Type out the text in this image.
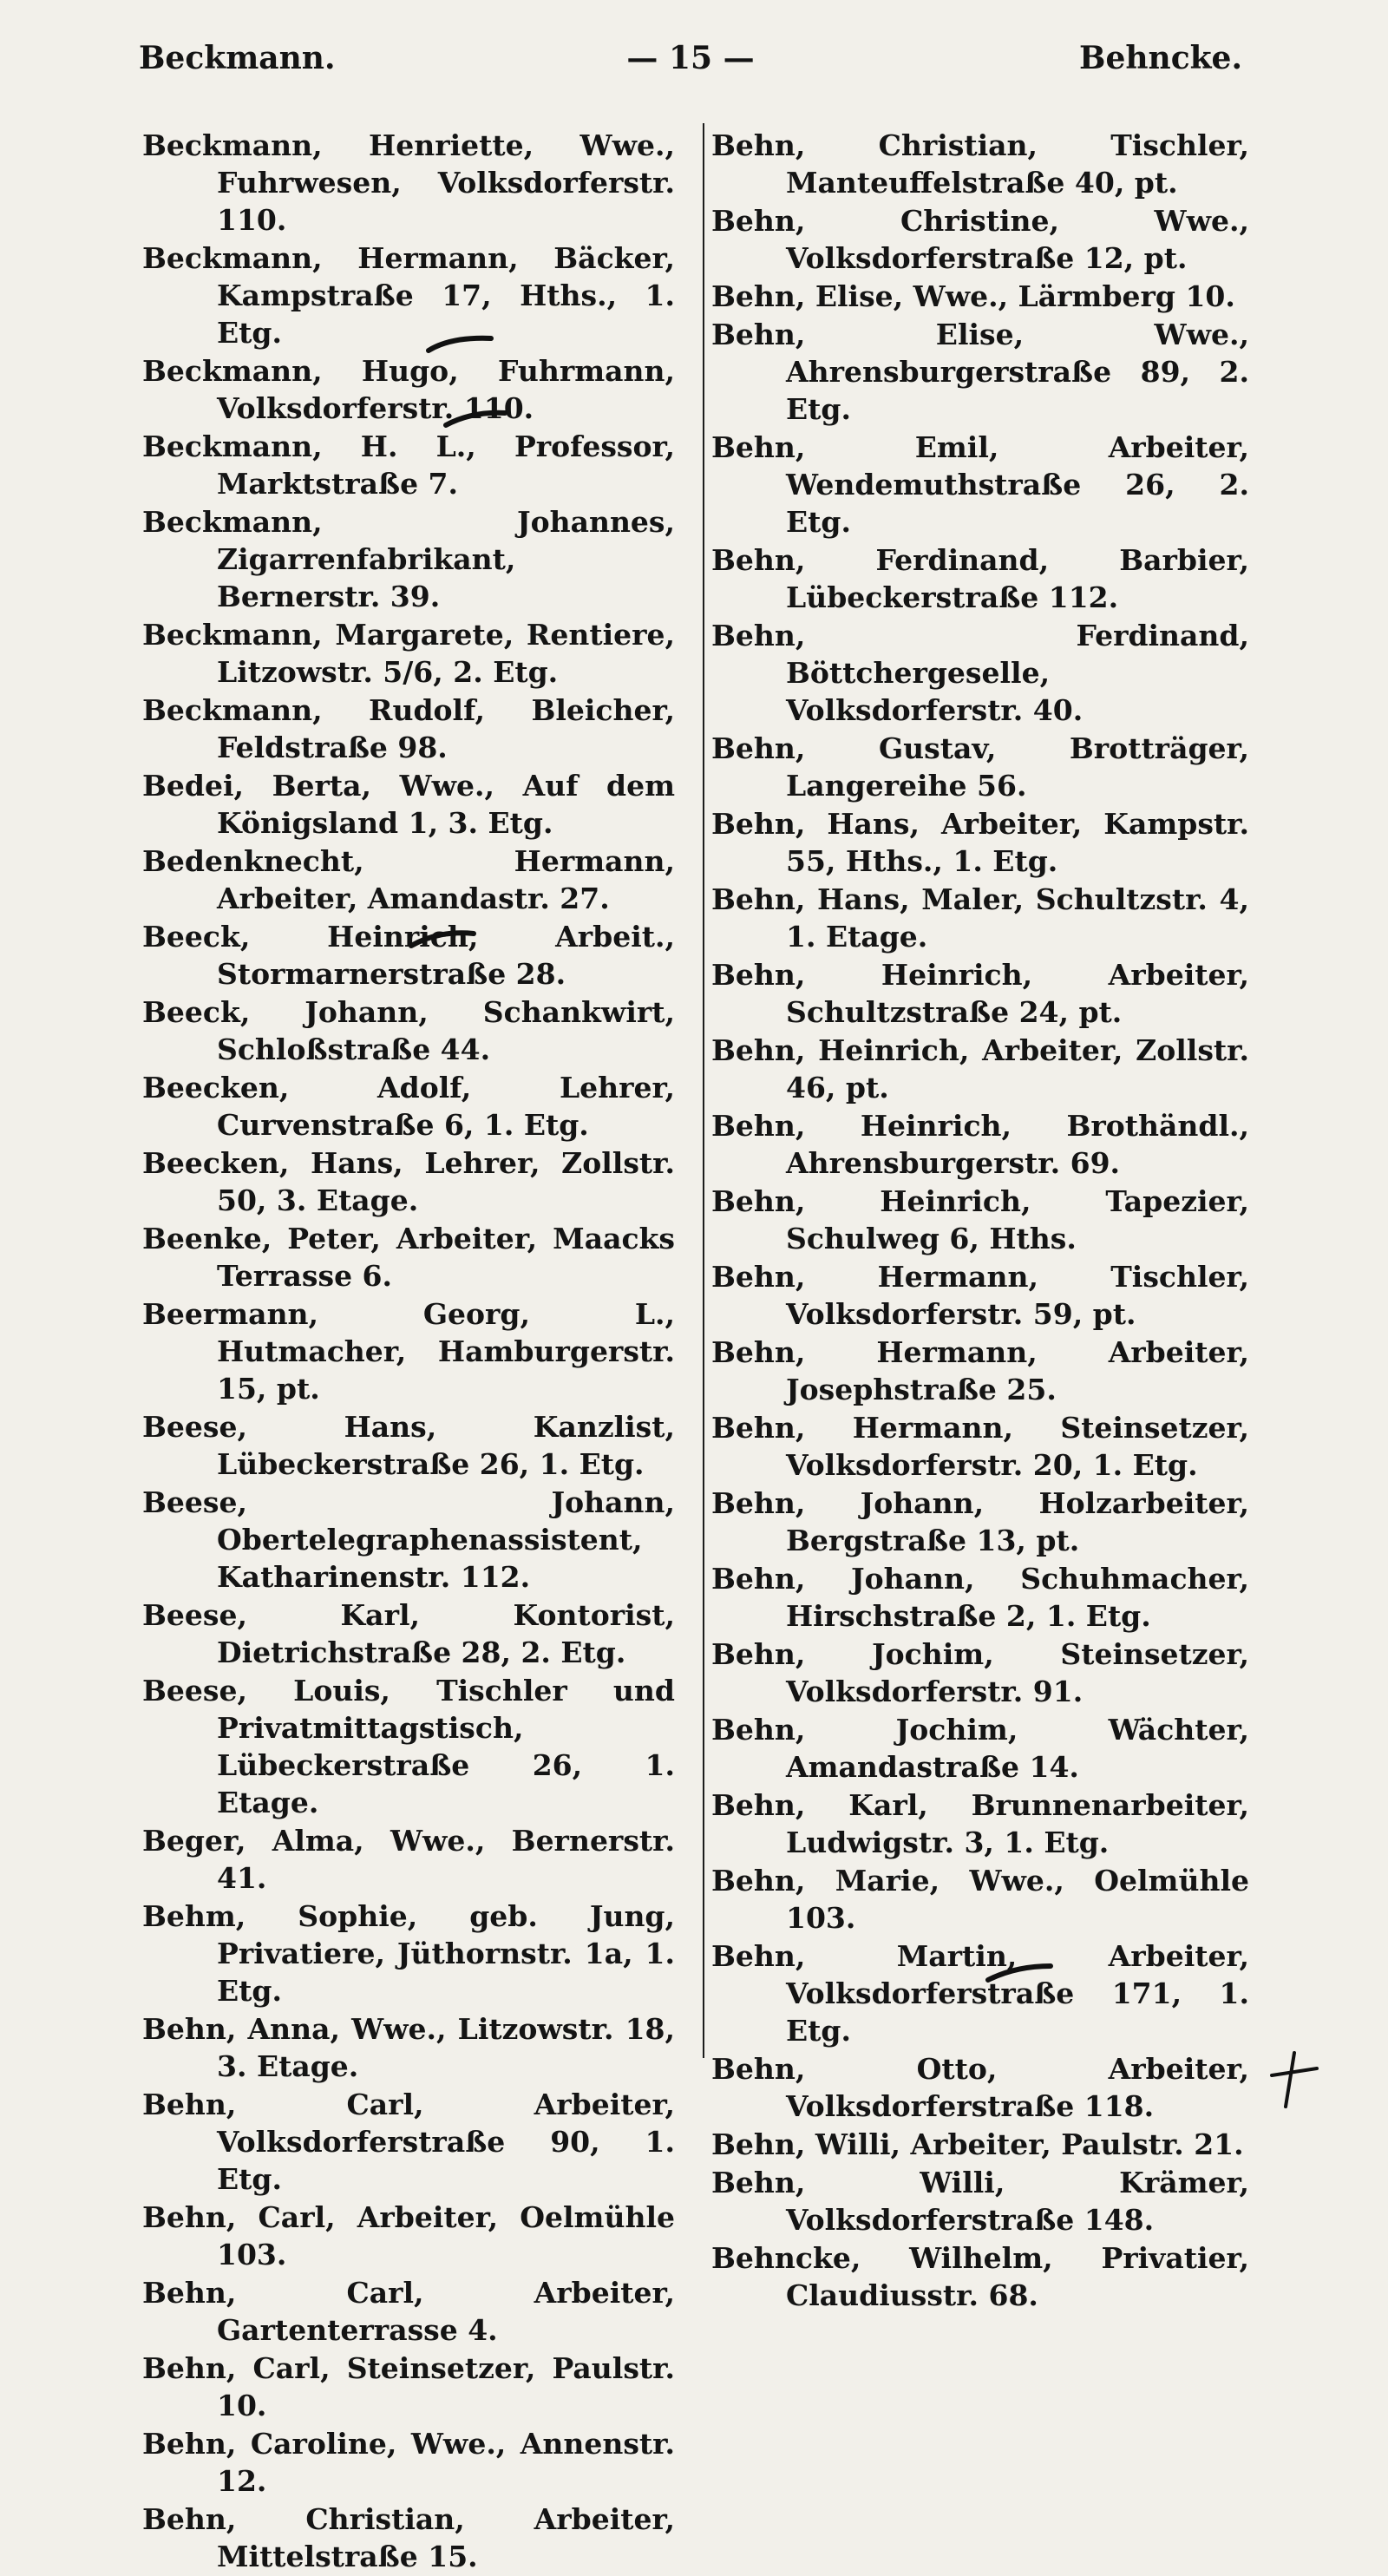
Beckmann.	— 15 —	Behncke.

Beckmann, Henriette, Wwe., Fuhrwesen, Volksdorferstr. 110.

Beckmann, Hermann, Bäcker, Kampstraße 17, Hths., 1. Etg.

Beckmann, Hugo, Fuhrmann, Volksdorferstr. 110.

Beckmann, H. L., Professor, Marktstraße 7.

Beckmann, Johannes, Zigarrenfabrikant, Bernerstr. 39.

Beckmann, Margarete, Rentiere, Litzowstr. 5/6, 2. Etg.

Beckmann, Rudolf, Bleicher, Feldstraße 98.

Bedei, Berta, Wwe., Auf dem Königsland 1, 3. Etg.

Bedenknecht, Hermann, Arbeiter, Amandastr. 27.

Beeck, Heinrich, Arbeit., Stormarnerstraße 28.

Beeck, Johann, Schankwirt, Schloßstraße 44.

Beecken, Adolf, Lehrer, Curvenstraße 6, 1. Etg.

Beecken, Hans, Lehrer, Zollstr. 50, 3. Etage.

Beenke, Peter, Arbeiter, Maacks Terrasse 6.

Beermann, Georg, L., Hutmacher, Hamburgerstr. 15, pt.

Beese, Hans, Kanzlist, Lübeckerstraße 26, 1. Etg.

Beese, Johann, Obertelegraphenassistent, Katharinenstr. 112.

Beese, Karl, Kontorist, Dietrichstraße 28, 2. Etg.

Beese, Louis, Tischler und Privatmittagstisch, Lübeckerstraße 26, 1. Etage.

Beger, Alma, Wwe., Bernerstr. 41.

Behm, Sophie, geb. Jung, Privatiere, Jüthornstr. 1a, 1. Etg.

Behn, Anna, Wwe., Litzowstr. 18, 3. Etage.

Behn, Carl, Arbeiter, Volksdorferstraße 90, 1. Etg.

Behn, Carl, Arbeiter, Oelmühle 103.

Behn, Carl, Arbeiter, Gartenterrasse 4.

Behn, Carl, Steinsetzer, Paulstr. 10.

Behn, Caroline, Wwe., Annenstr. 12.

Behn, Christian, Arbeiter, Mittelstraße 15.

Behn, Christian, Tischler, Manteuffelstraße 40, pt.

Behn, Christine, Wwe., Volksdorferstraße 12, pt.

Behn, Elise, Wwe., Lärmberg 10.

Behn, Elise, Wwe., Ahrensburgerstraße 89, 2. Etg.

Behn, Emil, Arbeiter, Wendemuthstraße 26, 2. Etg.

Behn, Ferdinand, Barbier, Lübeckerstraße 112.

Behn, Ferdinand, Böttchergeselle, Volksdorferstr. 40.

Behn, Gustav, Brotträger, Langereihe 56.

Behn, Hans, Arbeiter, Kampstr. 55, Hths., 1. Etg.

Behn, Hans, Maler, Schultzstr. 4, 1. Etage.

Behn, Heinrich, Arbeiter, Schultzstraße 24, pt.

Behn, Heinrich, Arbeiter, Zollstr. 46, pt.

Behn, Heinrich, Brothändl., Ahrensburgerstr. 69.

Behn, Heinrich, Tapezier, Schulweg 6, Hths.

Behn, Hermann, Tischler, Volksdorferstr. 59, pt.

Behn, Hermann, Arbeiter, Josephstraße 25.

Behn, Hermann, Steinsetzer, Volksdorferstr. 20, 1. Etg.

Behn, Johann, Holzarbeiter, Bergstraße 13, pt.

Behn, Johann, Schuhmacher, Hirschstraße 2, 1. Etg.

Behn, Jochim, Steinsetzer, Volksdorferstr. 91.

Behn, Jochim, Wächter, Amandastraße 14.

Behn, Karl, Brunnenarbeiter, Ludwigstr. 3, 1. Etg.

Behn, Marie, Wwe., Oelmühle 103.

Behn, Martin, Arbeiter, Volksdorferstraße 171, 1. Etg.

Behn, Otto, Arbeiter, Volksdorferstraße 118.

Behn, Willi, Arbeiter, Paulstr. 21.

Behn, Willi, Krämer, Volksdorferstraße 148.

Behncke, Wilhelm, Privatier, Claudiusstr. 68.
